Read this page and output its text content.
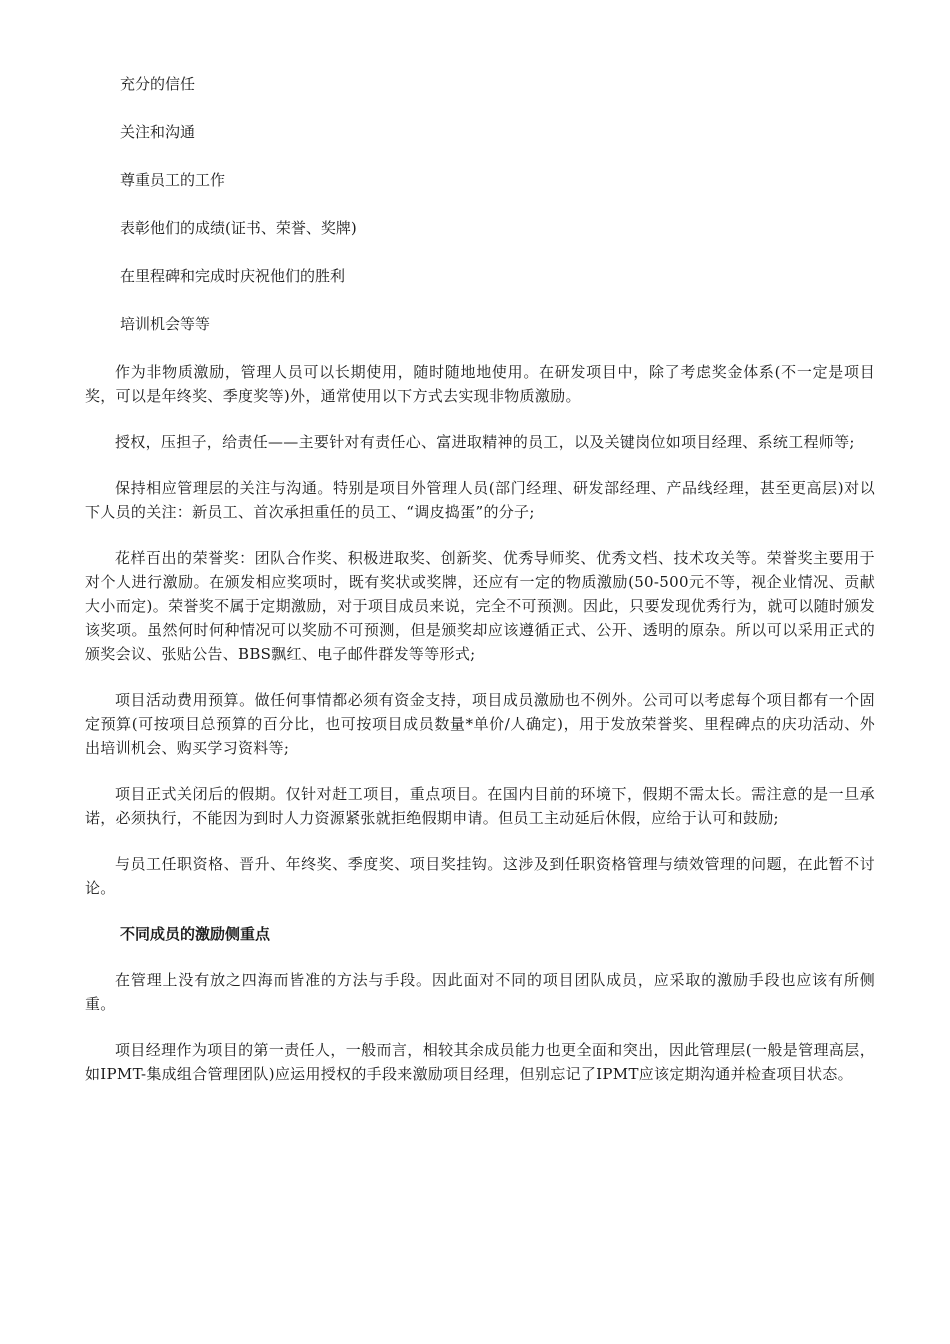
充分的信任

关注和沟通

尊重员工的工作

表彰他们的成绩(证书、荣誉、奖牌)

在里程碑和完成时庆祝他们的胜利

培训机会等等

作为非物质激励，管理人员可以长期使用，随时随地地使用。在研发项目中，除了考虑奖金体系(不一定是项目奖，可以是年终奖、季度奖等)外，通常使用以下方式去实现非物质激励。

授权，压担子，给责任——主要针对有责任心、富进取精神的员工，以及关键岗位如项目经理、系统工程师等;

保持相应管理层的关注与沟通。特别是项目外管理人员(部门经理、研发部经理、产品线经理，甚至更高层)对以下人员的关注：新员工、首次承担重任的员工、“调皮捣蛋”的分子;

花样百出的荣誉奖：团队合作奖、积极进取奖、创新奖、优秀导师奖、优秀文档、技术攻关等。荣誉奖主要用于对个人进行激励。在颁发相应奖项时，既有奖状或奖牌，还应有一定的物质激励(50-500元不等，视企业情况、贡献大小而定)。荣誉奖不属于定期激励，对于项目成员来说，完全不可预测。因此，只要发现优秀行为，就可以随时颁发该奖项。虽然何时何种情况可以奖励不可预测，但是颁奖却应该遵循正式、公开、透明的原杂。所以可以采用正式的颁奖会议、张贴公告、BBS飘红、电子邮件群发等等形式;

项目活动费用预算。做任何事情都必须有资金支持，项目成员激励也不例外。公司可以考虑每个项目都有一个固定预算(可按项目总预算的百分比，也可按项目成员数量*单价/人确定)，用于发放荣誉奖、里程碑点的庆功活动、外出培训机会、购买学习资料等;

项目正式关闭后的假期。仅针对赶工项目，重点项目。在国内目前的环境下，假期不需太长。需注意的是一旦承诺，必须执行，不能因为到时人力资源紧张就拒绝假期申请。但员工主动延后休假，应给于认可和鼓励;

与员工任职资格、晋升、年终奖、季度奖、项目奖挂钩。这涉及到任职资格管理与绩效管理的问题，在此暂不讨论。

不同成员的激励侧重点

在管理上没有放之四海而皆准的方法与手段。因此面对不同的项目团队成员，应采取的激励手段也应该有所侧重。

项目经理作为项目的第一责任人，一般而言，相较其余成员能力也更全面和突出，因此管理层(一般是管理高层，如IPMT-集成组合管理团队)应运用授权的手段来激励项目经理，但别忘记了IPMT应该定期沟通并检查项目状态。
